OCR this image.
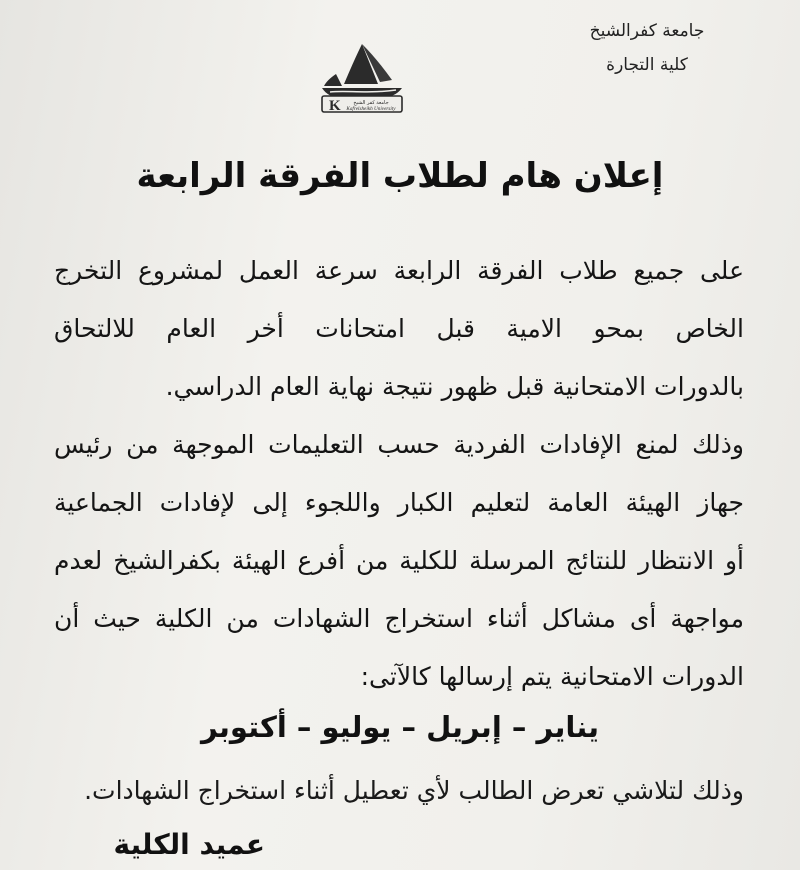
جامعة كفرالشيخ
كلية التجارة
K	جامعة كفر الشيخ
Kafrelsheikh University
إعلان هام لطلاب الفرقة الرابعة
على جميع طلاب الفرقة الرابعة سرعة العمل لمشروع التخرج
الخاص بمحو الامية قبل امتحانات أخر العام للالتحاق
بالدورات الامتحانية قبل ظهور نتيجة نهاية العام الدراسي.
وذلك لمنع الإفادات الفردية حسب التعليمات الموجهة من رئيس
جهاز الهيئة العامة لتعليم الكبار واللجوء إلى لإفادات الجماعية
أو الانتظار للنتائج المرسلة للكلية من أفرع الهيئة بكفرالشيخ لعدم
مواجهة أى مشاكل أثناء استخراج الشهادات من الكلية حيث أن
الدورات الامتحانية يتم إرسالها كالآتى:
يناير – إبريل – يوليو – أكتوبر
وذلك لتلاشي تعرض الطالب لأي تعطيل أثناء استخراج الشهادات.
عميد الكلية
